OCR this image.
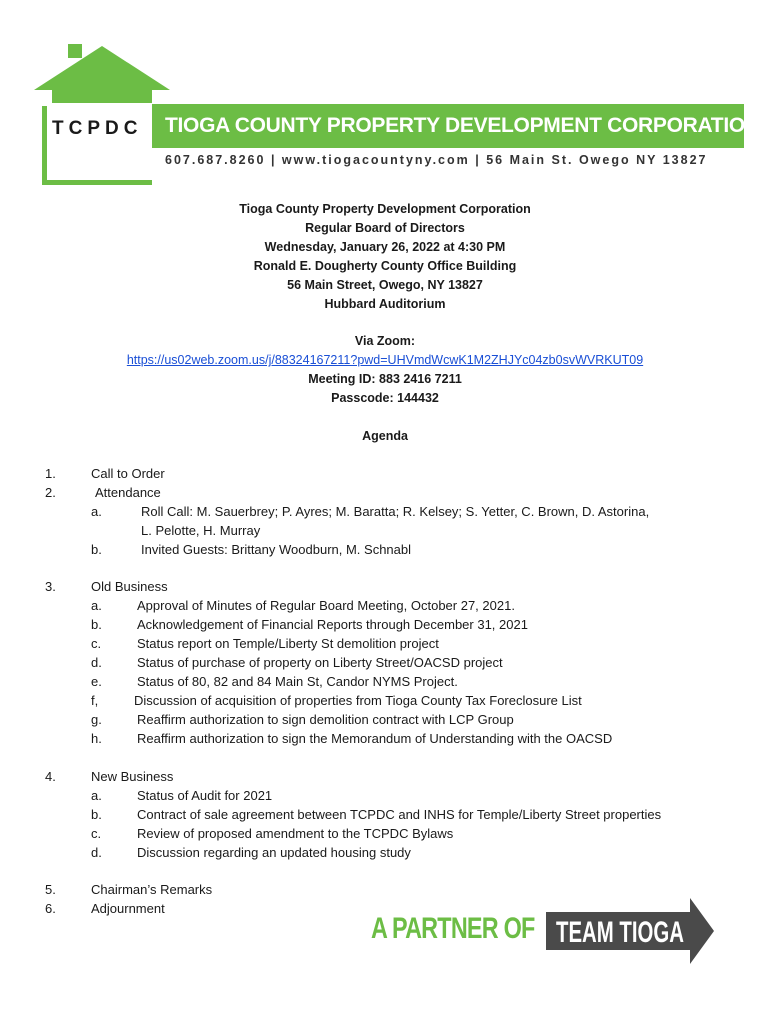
TCPDC TIOGA COUNTY PROPERTY DEVELOPMENT CORPORATION
607.687.8260 | www.tiogacountyny.com | 56 Main St. Owego NY 13827
Tioga County Property Development Corporation
Regular Board of Directors
Wednesday, January 26, 2022 at 4:30 PM
Ronald E. Dougherty County Office Building
56 Main Street, Owego, NY 13827
Hubbard Auditorium
Via Zoom:
https://us02web.zoom.us/j/88324167211?pwd=UHVmdWcwK1M2ZHJYc04zb0svWVRKUT09
Meeting ID: 883 2416 7211
Passcode: 144432
Agenda
1.	Call to Order
2.	Attendance
a.	Roll Call: M. Sauerbrey; P. Ayres; M. Baratta; R. Kelsey; S. Yetter, C. Brown, D. Astorina,
L. Pelotte, H. Murray
b.	Invited Guests: Brittany Woodburn, M. Schnabl
3.	Old Business
a.	Approval of Minutes of Regular Board Meeting, October 27, 2021.
b.	Acknowledgement of Financial Reports through December 31, 2021
c.	Status report on Temple/Liberty St demolition project
d.	Status of purchase of property on Liberty Street/OACSD project
e.	Status of 80, 82 and 84 Main St, Candor NYMS Project.
f,	Discussion of acquisition of properties from Tioga County Tax Foreclosure List
g.	Reaffirm authorization to sign demolition contract with LCP Group
h.	Reaffirm authorization to sign the Memorandum of Understanding with the OACSD
4.	New Business
a.	Status of Audit for 2021
b.	Contract of sale agreement between TCPDC and INHS for Temple/Liberty Street properties
c.	Review of proposed amendment to the TCPDC Bylaws
d.	Discussion regarding an updated housing study
5.	Chairman’s Remarks
6.	Adjournment
A PARTNER OF TEAM TIOGA
